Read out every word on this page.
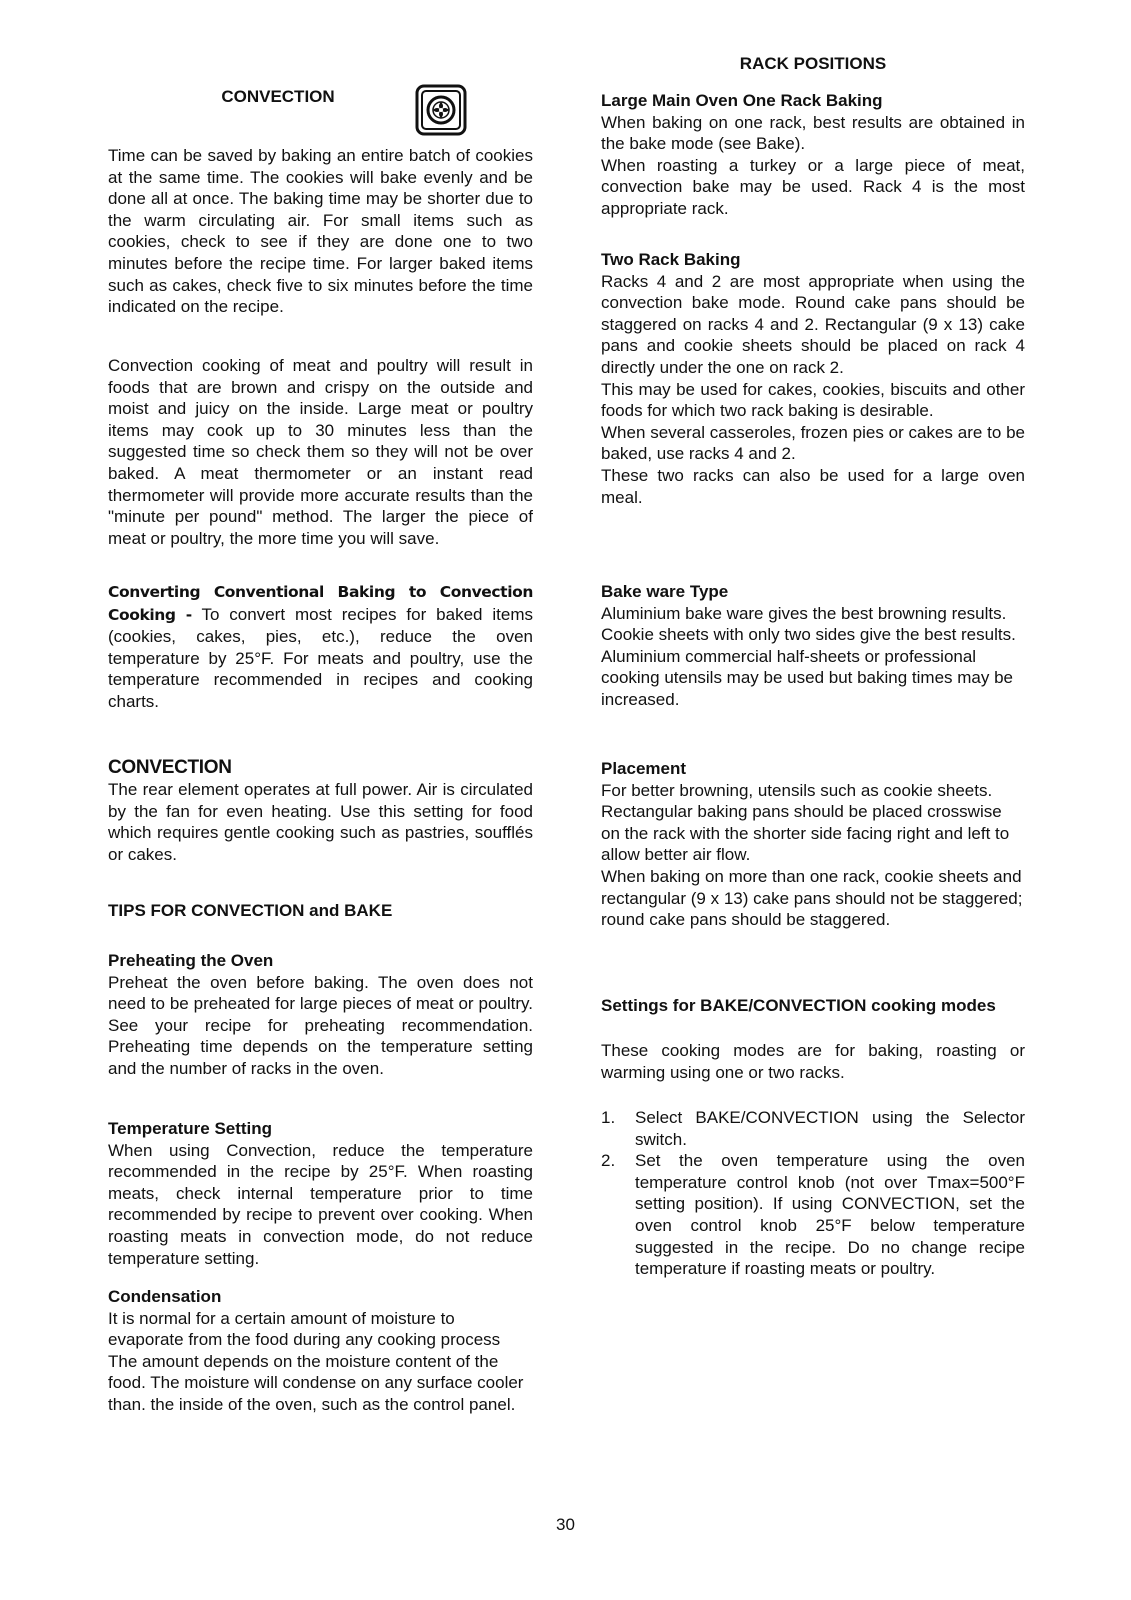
CONVECTION

Time can be saved by baking an entire batch of cookies at the same time. The cookies will bake evenly and be done all at once. The baking time may be shorter due to the warm circulating air. For small items such as cookies, check to see if they are done one to two minutes before the recipe time. For larger baked items such as cakes, check five to six minutes before the time indicated on the recipe.

Convection cooking of meat and poultry will result in foods that are brown and crispy on the outside and moist and juicy on the inside. Large meat or poultry items may cook up to 30 minutes less than the suggested time so check them so they will not be over baked. A meat thermometer or an instant read thermometer will provide more accurate results than the "minute per pound" method. The larger the piece of meat or poultry, the more time you will save.

Converting Conventional Baking to Convection Cooking - To convert most recipes for baked items (cookies, cakes, pies, etc.), reduce the oven temperature by 25°F. For meats and poultry, use the temperature recommended in recipes and cooking charts.

CONVECTION

The rear element operates at full power. Air is circulated by the fan for even heating. Use this setting for food which requires gentle cooking such as pastries, soufflés or cakes.

TIPS FOR CONVECTION and BAKE

Preheating the Oven

Preheat the oven before baking. The oven does not need to be preheated for large pieces of meat or poultry. See your recipe for preheating recommendation. Preheating time depends on the temperature setting and the number of racks in the oven.

Temperature Setting

When using Convection, reduce the temperature recommended in the recipe by 25°F. When roasting meats, check internal temperature prior to time recommended by recipe to prevent over cooking. When roasting meats in convection mode, do not reduce temperature setting.

Condensation

It is normal for a certain amount of moisture to evaporate from the food during any cooking process The amount depends on the moisture content of the food. The moisture will condense on any surface cooler than. the inside of the oven, such as the control panel.

RACK POSITIONS

Large Main Oven One Rack Baking

When baking on one rack, best results are obtained in the bake mode (see Bake).

When roasting a turkey or a large piece of meat, convection bake may be used. Rack 4 is the most appropriate rack.

Two Rack Baking

Racks 4 and 2 are most appropriate when using the convection bake mode. Round cake pans should be staggered on racks 4 and 2. Rectangular (9 x 13) cake pans and cookie sheets should be placed on rack 4 directly under the one on rack 2.

This may be used for cakes, cookies, biscuits and other foods for which two rack baking is desirable.

When several casseroles, frozen pies or cakes are to be baked, use racks 4 and 2.

These two racks can also be used for a large oven meal.

Bake ware Type

Aluminium bake ware gives the best browning results.

Cookie sheets with only two sides give the best results. Aluminium commercial half-sheets or professional cooking utensils may be used but baking times may be increased.

Placement

For better browning, utensils such as cookie sheets. Rectangular baking pans should be placed crosswise on the rack with the shorter side facing right and left to allow better air flow.

When baking on more than one rack, cookie sheets and rectangular (9 x 13) cake pans should not be staggered; round cake pans should be staggered.

Settings for BAKE/CONVECTION cooking modes

These cooking modes are for baking, roasting or warming using one or two racks.

1. Select BAKE/CONVECTION using the Selector switch.
2. Set the oven temperature using the oven temperature control knob (not over Tmax=500°F setting position). If using CONVECTION, set the oven control knob 25°F below temperature suggested in the recipe. Do no change recipe temperature if roasting meats or poultry.
30
